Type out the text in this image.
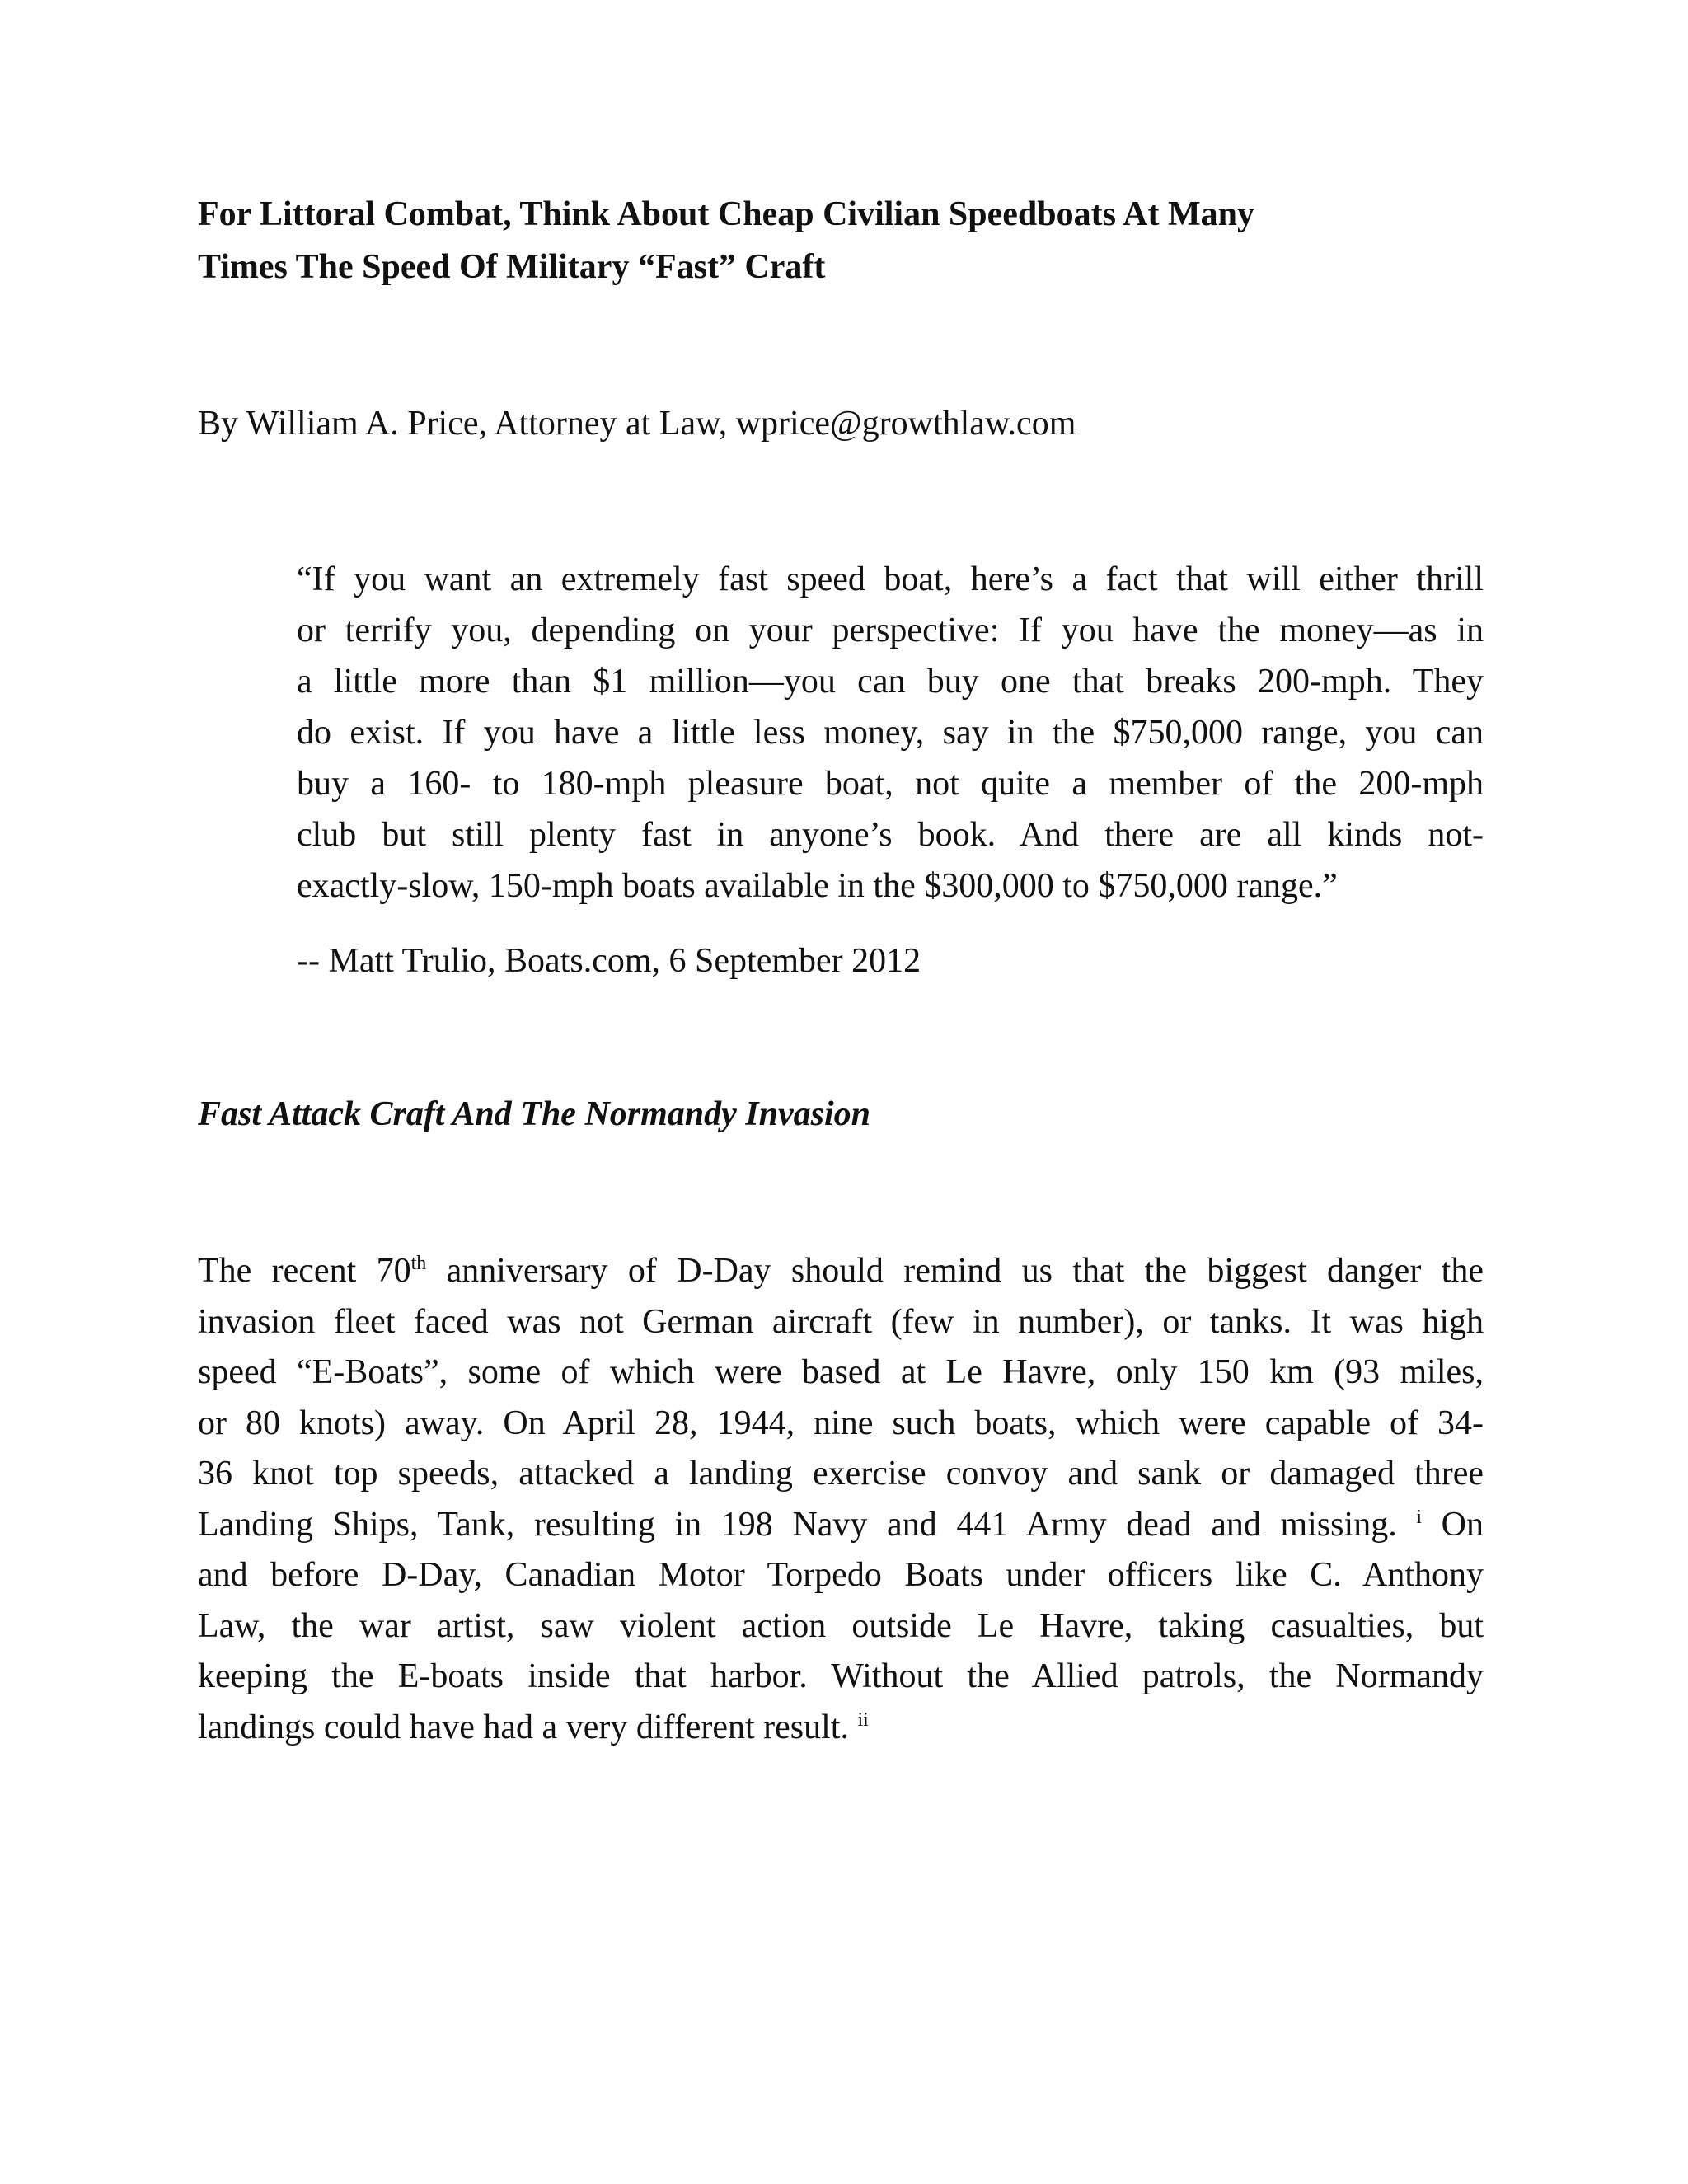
For Littoral Combat, Think About Cheap Civilian Speedboats At Many
Times The Speed Of Military “Fast” Craft

By William A. Price, Attorney at Law, wprice@growthlaw.com

“If you want an extremely fast speed boat, here’s a fact that will either thrill
or terrify you, depending on your perspective: If you have the money—as in
a little more than $1 million—you can buy one that breaks 200-mph. They
do exist. If you have a little less money, say in the $750,000 range, you can
buy a 160- to 180-mph pleasure boat, not quite a member of the 200-mph
club but still plenty fast in anyone’s book. And there are all kinds not-
exactly-slow, 150-mph boats available in the $300,000 to $750,000 range.”

-- Matt Trulio, Boats.com, 6 September 2012

Fast Attack Craft And The Normandy Invasion

The recent 70th anniversary of D-Day should remind us that the biggest danger the
invasion fleet faced was not German aircraft (few in number), or tanks. It was high
speed “E-Boats”, some of which were based at Le Havre, only 150 km (93 miles,
or 80 knots) away. On April 28, 1944, nine such boats, which were capable of 34-
36 knot top speeds, attacked a landing exercise convoy and sank or damaged three
Landing Ships, Tank, resulting in 198 Navy and 441 Army dead and missing. $^i$ On
and before D-Day, Canadian Motor Torpedo Boats under officers like C. Anthony
Law, the war artist, saw violent action outside Le Havre, taking casualties, but
keeping the E-boats inside that harbor. Without the Allied patrols, the Normandy
landings could have had a very different result. $^{ii}$
